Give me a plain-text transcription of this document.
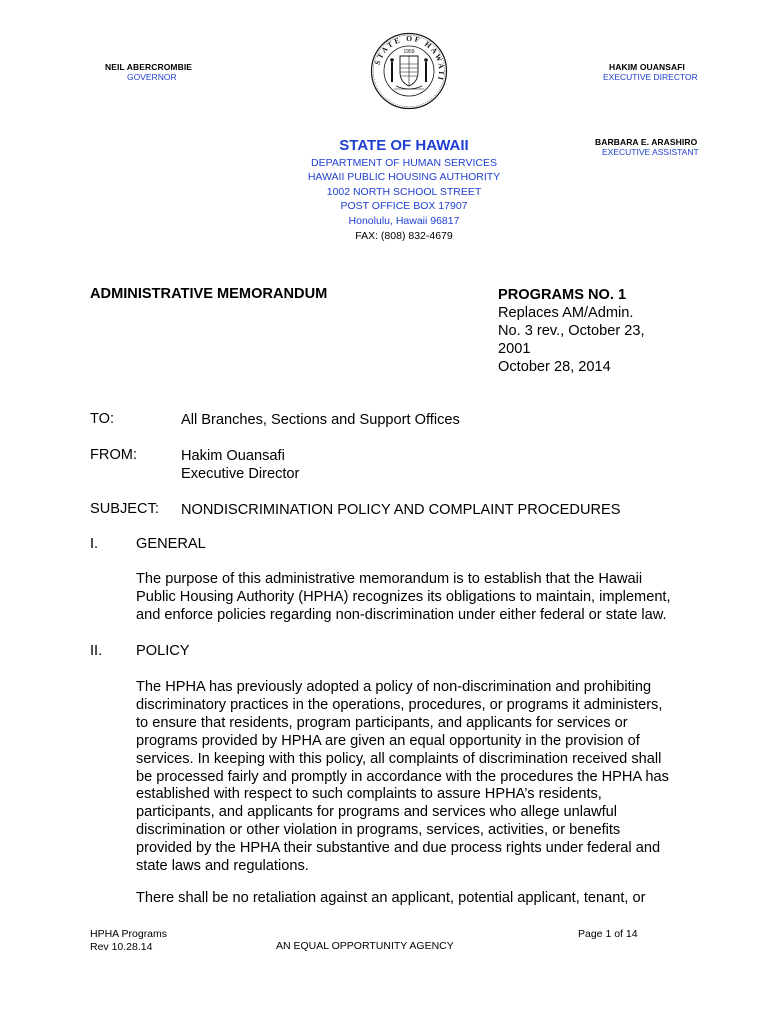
NEIL ABERCROMBIE
GOVERNOR
HAKIM OUANSAFI
EXECUTIVE DIRECTOR
BARBARA E. ARASHIRO
EXECUTIVE ASSISTANT
STATE OF HAWAII
1959
STATE OF HAWAII
DEPARTMENT OF HUMAN SERVICES
HAWAII PUBLIC HOUSING AUTHORITY
1002 NORTH SCHOOL STREET
POST OFFICE BOX 17907
Honolulu, Hawaii 96817
FAX: (808) 832-4679
ADMINISTRATIVE MEMORANDUM	PROGRAMS NO. 1
Replaces AM/Admin.
No. 3 rev., October 23,
2001
October 28, 2014
TO:	All Branches, Sections and Support Offices
FROM:	Hakim Ouansafi
Executive Director
SUBJECT: NONDISCRIMINATION POLICY AND COMPLAINT PROCEDURES
I.	GENERAL
The purpose of this administrative memorandum is to establish that the Hawaii
Public Housing Authority (HPHA) recognizes its obligations to maintain, implement,
and enforce policies regarding non-discrimination under either federal or state law.
II. POLICY
The HPHA has previously adopted a policy of non-discrimination and prohibiting
discriminatory practices in the operations, procedures, or programs it administers,
to ensure that residents, program participants, and applicants for services or
programs provided by HPHA are given an equal opportunity in the provision of
services. In keeping with this policy, all complaints of discrimination received shall
be processed fairly and promptly in accordance with the procedures the HPHA has
established with respect to such complaints to assure HPHA’s residents,
participants, and applicants for programs and services who allege unlawful
discrimination or other violation in programs, services, activities, or benefits
provided by the HPHA their substantive and due process rights under federal and
state laws and regulations.
There shall be no retaliation against an applicant, potential applicant, tenant, or
HPHA Programs
Rev 10.28.14	AN EQUAL OPPORTUNITY AGENCY
Page 1 of 14
